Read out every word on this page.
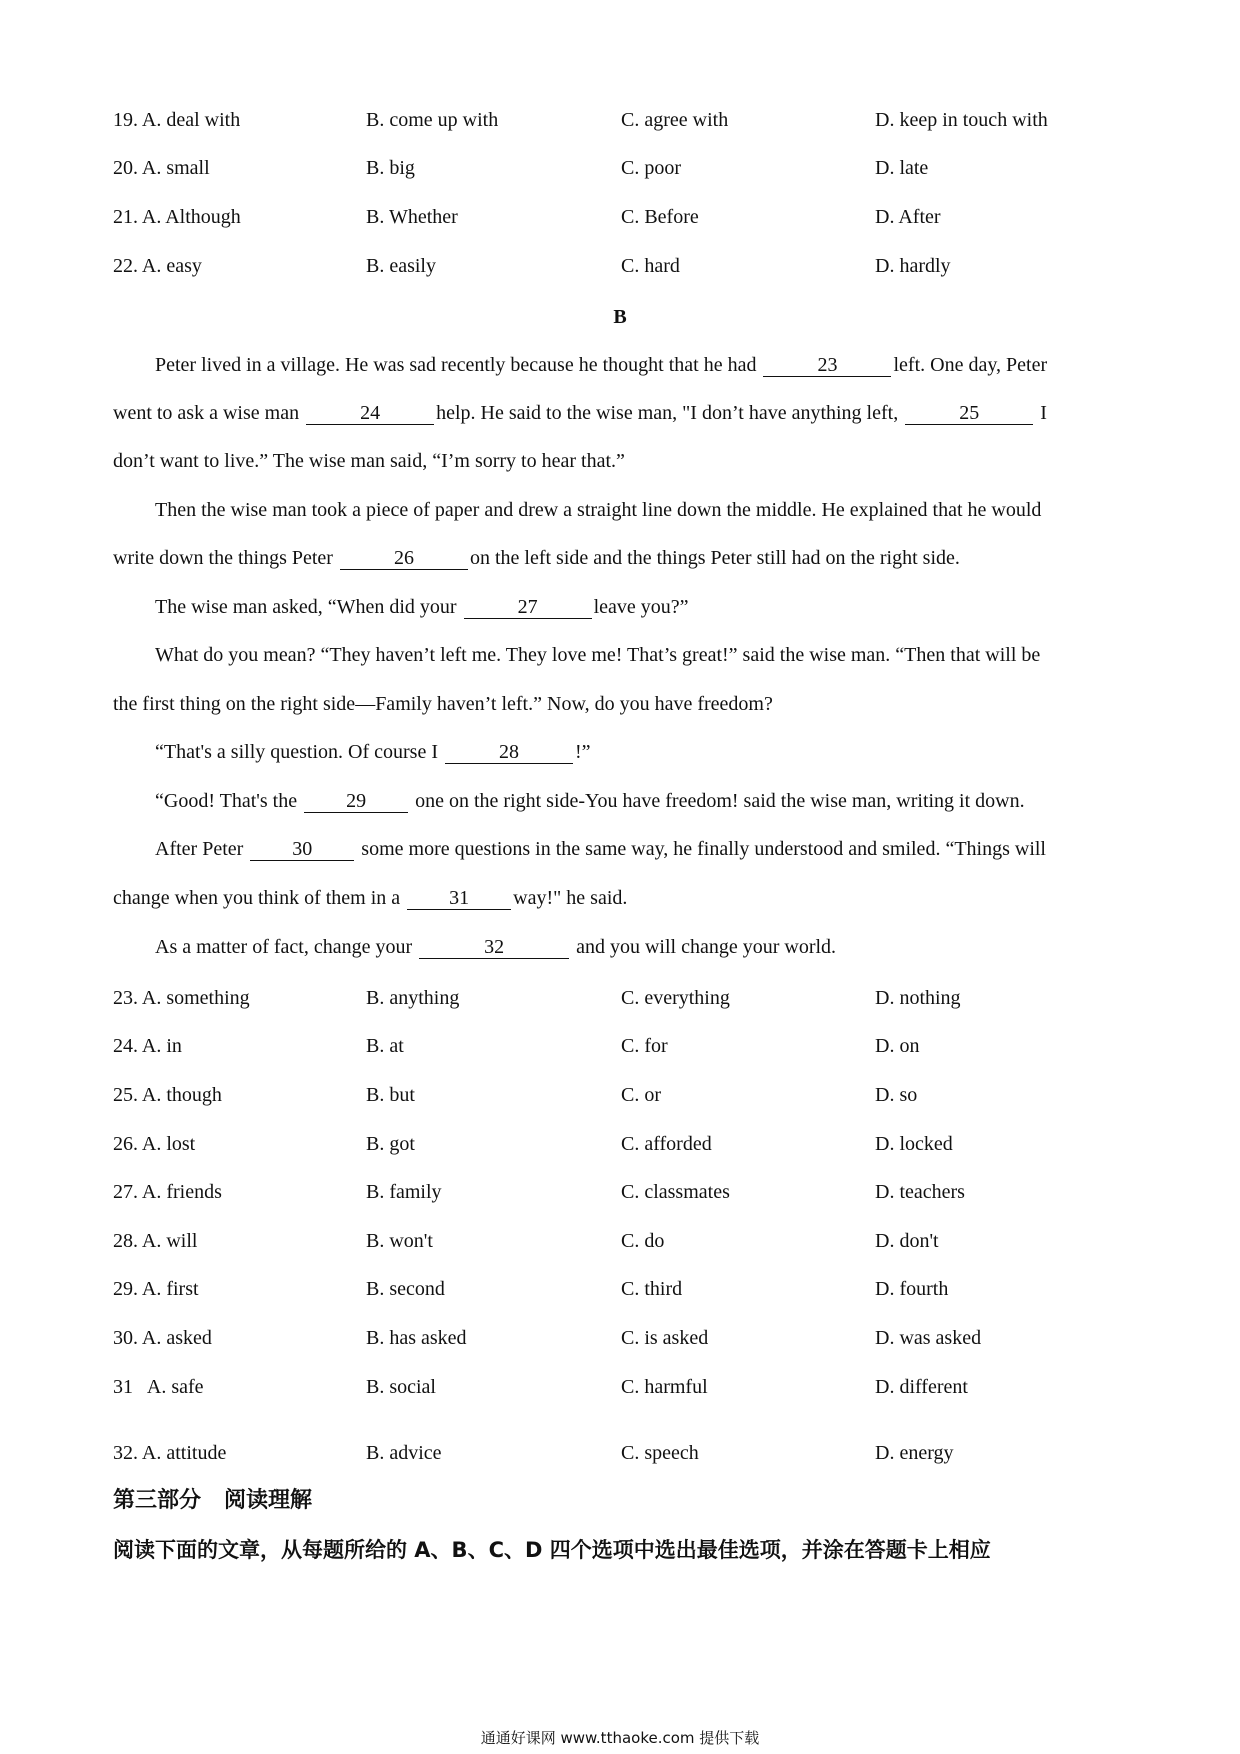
19. A. deal with	B. come up with	C. agree with	D. keep in touch with
20. A. small	B. big	C. poor	D. late
21. A. Although	B. Whether	C. Before	D. After
22. A. easy	B. easily	C. hard	D. hardly
B
Peter lived in a village. He was sad recently because he thought that he had	23	left. One day, Peter
went to ask a wise man	24	help. He said to the wise man, "I don’t have anything left,	25	I
don’t want to live.” The wise man said, “I’m sorry to hear that.”
Then the wise man took a piece of paper and drew a straight line down the middle. He explained that he would
write down the things Peter	26	on the left side and the things Peter still had on the right side.
The wise man asked, “When did your	27	leave you?”
What do you mean? “They haven’t left me. They love me! That’s great!” said the wise man. “Then that will be
the first thing on the right side—Family haven’t left.” Now, do you have freedom?
“That's a silly question. Of course I	28	!”
“Good! That's the 29 one on the right side-You have freedom! said the wise man, writing it down.
After Peter 30 some more questions in the same way, he finally understood and smiled. “Things will
change when you think of them in a 31 way!" he said.
As a matter of fact, change your	32	and you will change your world.
23. A. something	B. anything	C. everything	D. nothing
24. A. in	B. at	C. for	D. on
25. A. though	B. but	C. or	D. so
26. A. lost	B. got	C. afforded	D. locked
27. A. friends	B. family	C. classmates	D. teachers
28. A. will	B. won't	C. do	D. don't
29. A. first	B. second	C. third	D. fourth
30. A. asked	B. has asked	C. is asked	D. was asked
31   A. safe	B. social	C. harmful	D. different
32. A. attitude	B. advice	C. speech	D. energy
第三部分   阅读理解
阅读下面的文章，从每题所给的 A、B、C、D 四个选项中选出最佳选项，并涂在答题卡上相应
通通好课网 www.tthaoke.com 提供下载
